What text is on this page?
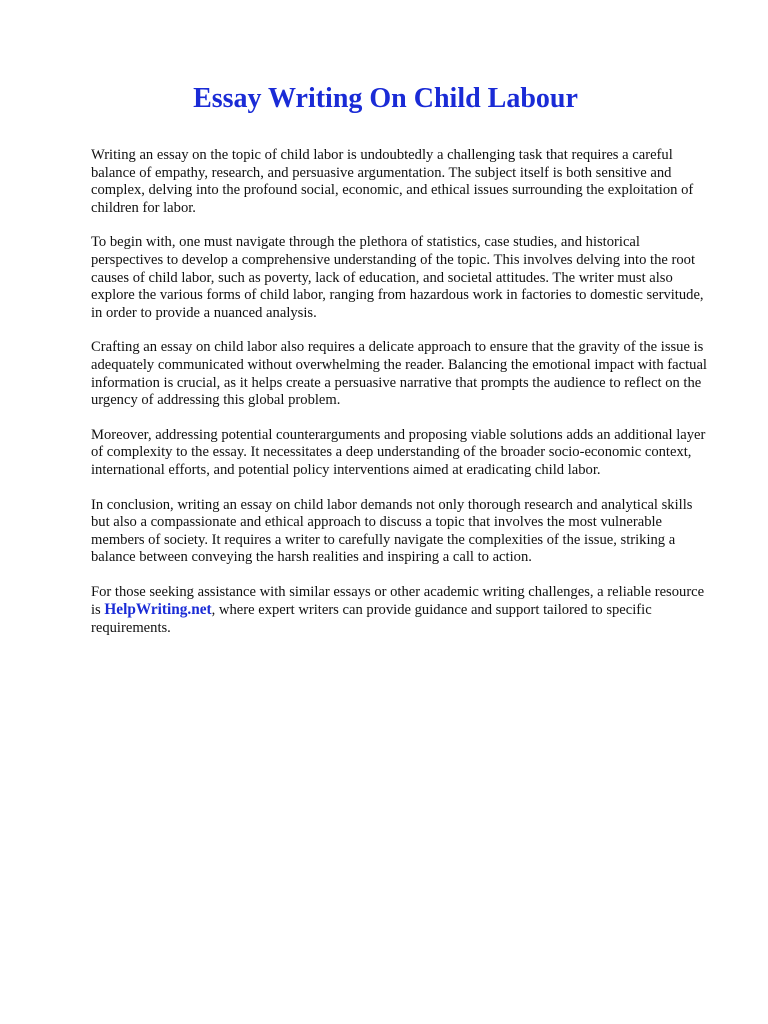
Essay Writing On Child Labour

Writing an essay on the topic of child labor is undoubtedly a challenging task that requires a careful balance of empathy, research, and persuasive argumentation. The subject itself is both sensitive and complex, delving into the profound social, economic, and ethical issues surrounding the exploitation of children for labor.

To begin with, one must navigate through the plethora of statistics, case studies, and historical perspectives to develop a comprehensive understanding of the topic. This involves delving into the root causes of child labor, such as poverty, lack of education, and societal attitudes. The writer must also explore the various forms of child labor, ranging from hazardous work in factories to domestic servitude, in order to provide a nuanced analysis.

Crafting an essay on child labor also requires a delicate approach to ensure that the gravity of the issue is adequately communicated without overwhelming the reader. Balancing the emotional impact with factual information is crucial, as it helps create a persuasive narrative that prompts the audience to reflect on the urgency of addressing this global problem.

Moreover, addressing potential counterarguments and proposing viable solutions adds an additional layer of complexity to the essay. It necessitates a deep understanding of the broader socio-economic context, international efforts, and potential policy interventions aimed at eradicating child labor.

In conclusion, writing an essay on child labor demands not only thorough research and analytical skills but also a compassionate and ethical approach to discuss a topic that involves the most vulnerable members of society. It requires a writer to carefully navigate the complexities of the issue, striking a balance between conveying the harsh realities and inspiring a call to action.

For those seeking assistance with similar essays or other academic writing challenges, a reliable resource is HelpWriting.net, where expert writers can provide guidance and support tailored to specific requirements.
